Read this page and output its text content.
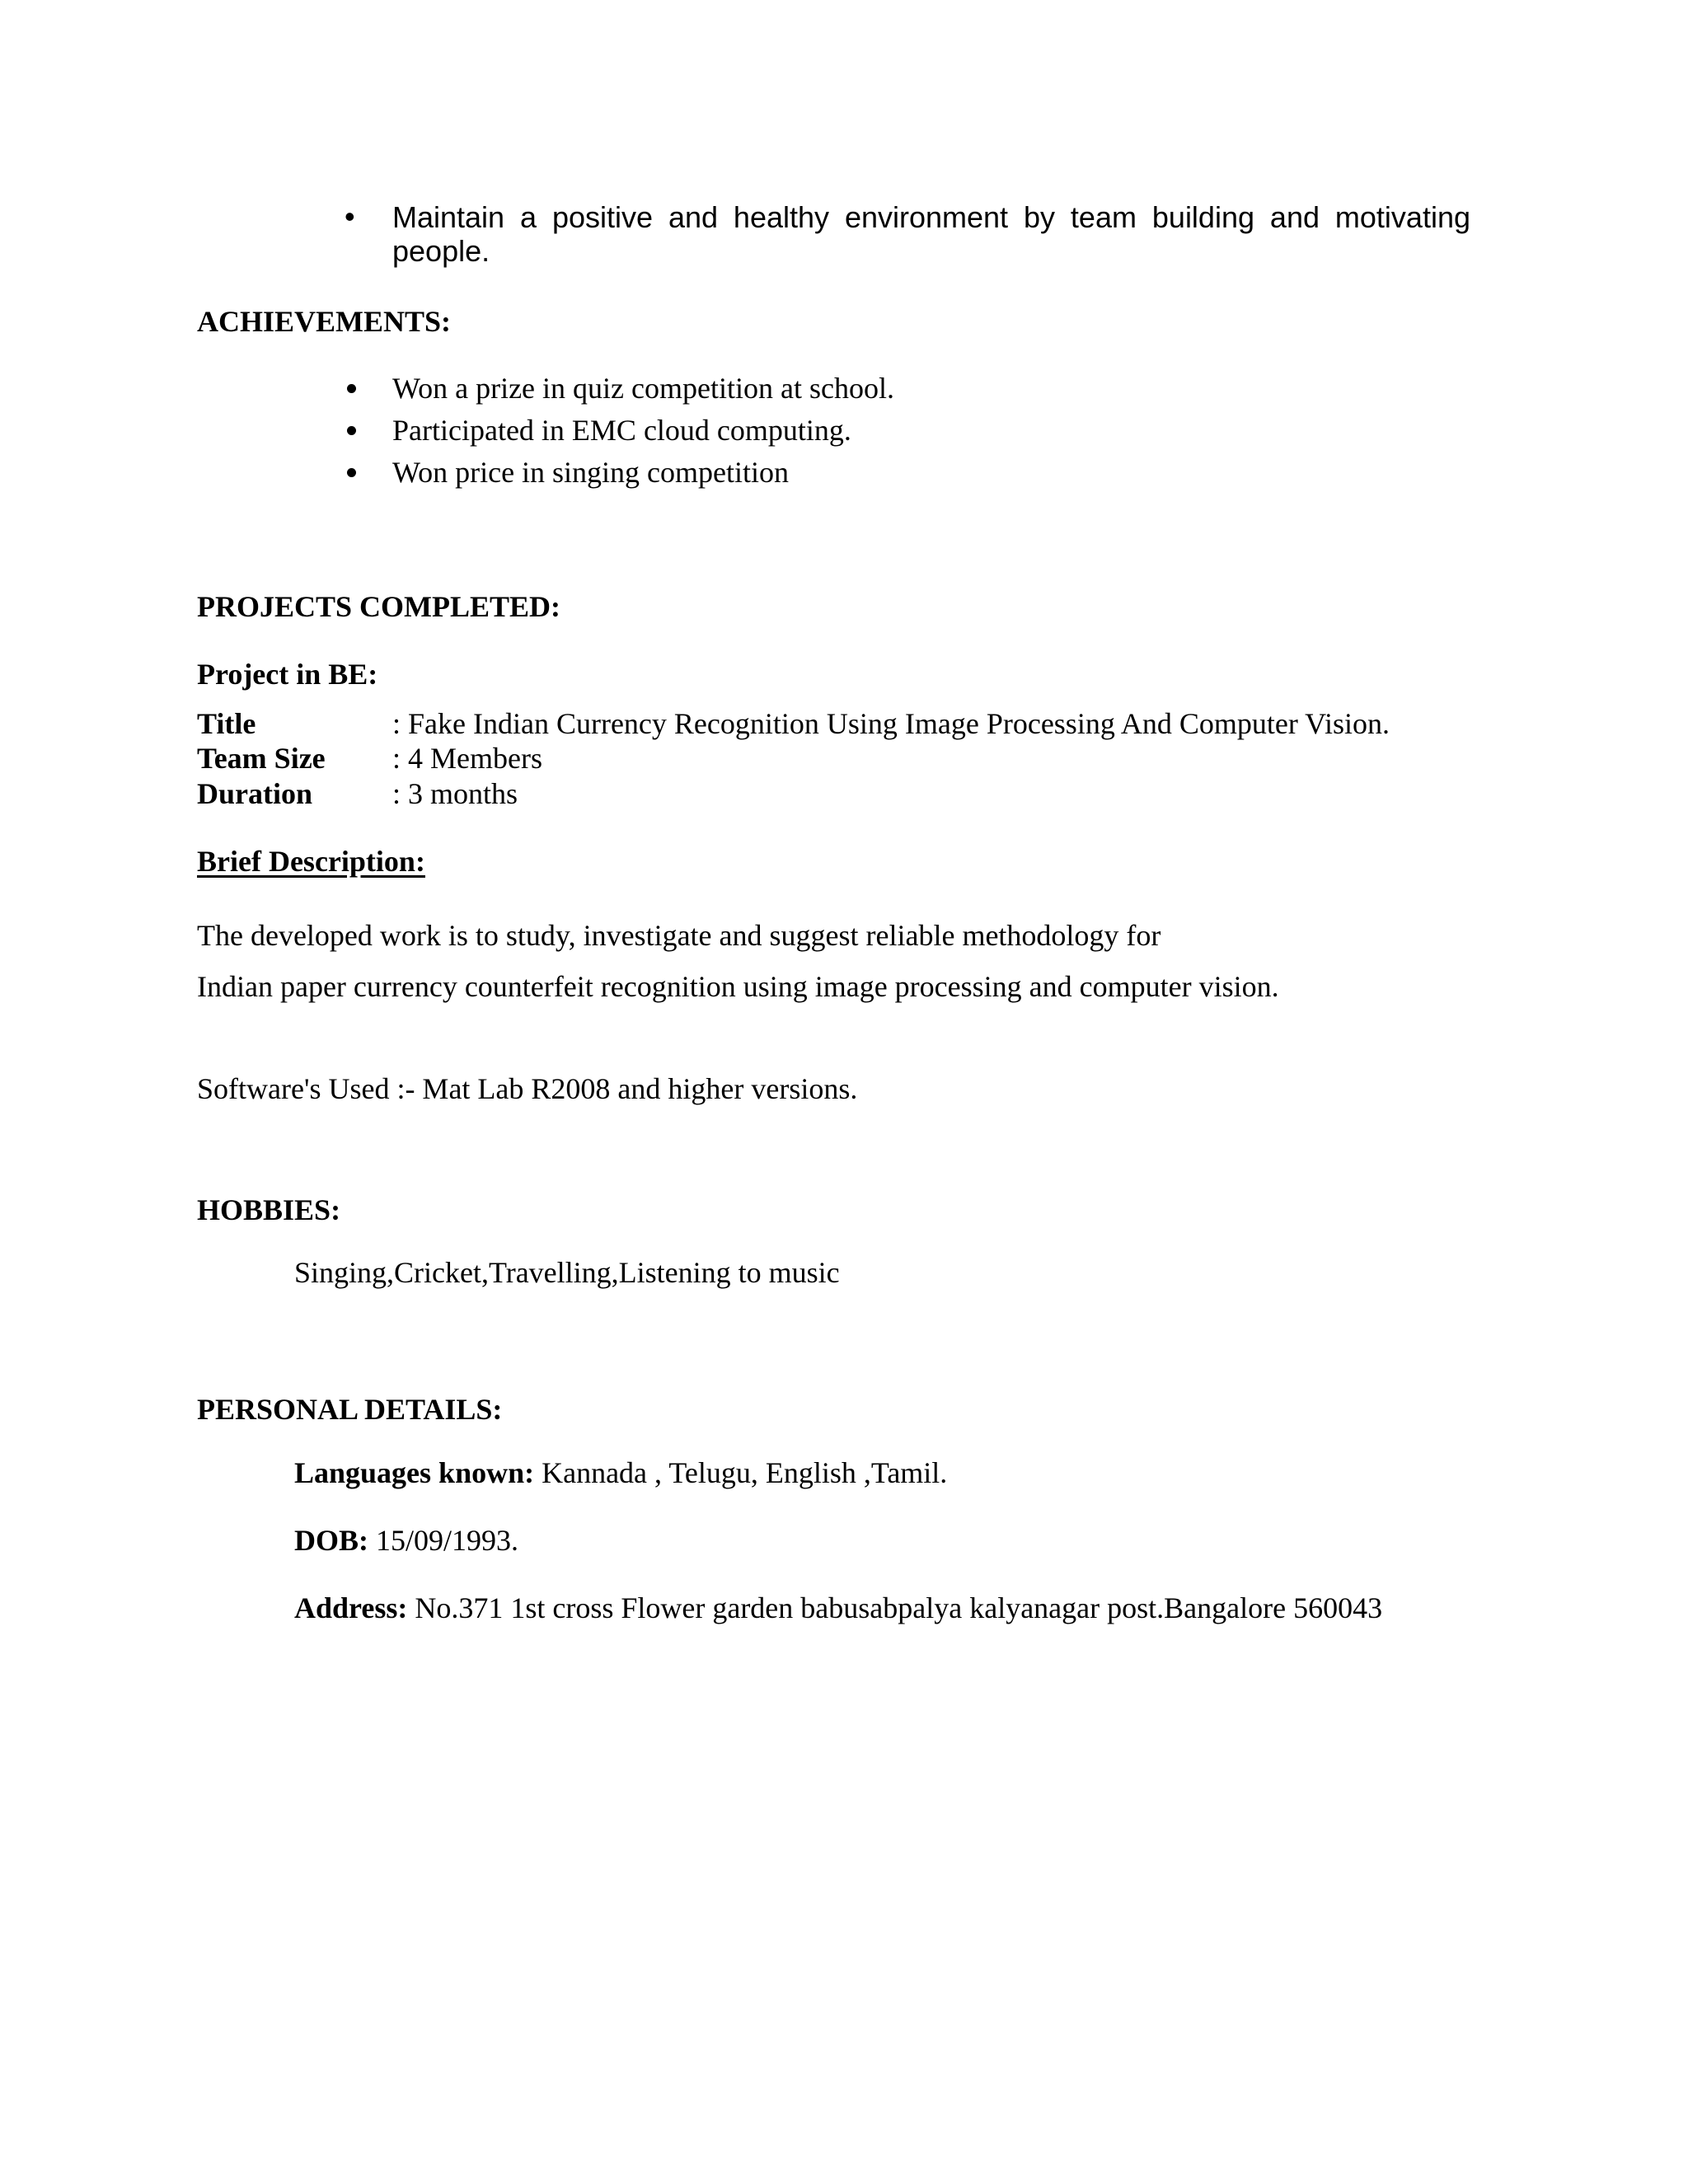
• Maintain a positive and healthy environment by team building and motivating people.
ACHIEVEMENTS:
Won a prize in quiz competition at school.
Participated in EMC cloud computing.
Won price in singing competition
PROJECTS COMPLETED:
Project in BE:
Title	: Fake Indian Currency Recognition Using Image Processing And Computer Vision.
Team Size : 4 Members
Duration	: 3 months
Brief Description:
The developed work is to study, investigate and suggest reliable methodology for
Indian paper currency counterfeit recognition using image processing and computer vision.
Software's Used :- Mat Lab R2008 and higher versions.
HOBBIES:
Singing,Cricket,Travelling,Listening to music
PERSONAL DETAILS:
Languages known: Kannada , Telugu, English ,Tamil.
DOB: 15/09/1993.
Address: No.371 1st cross Flower garden babusabpalya kalyanagar post.Bangalore 560043
